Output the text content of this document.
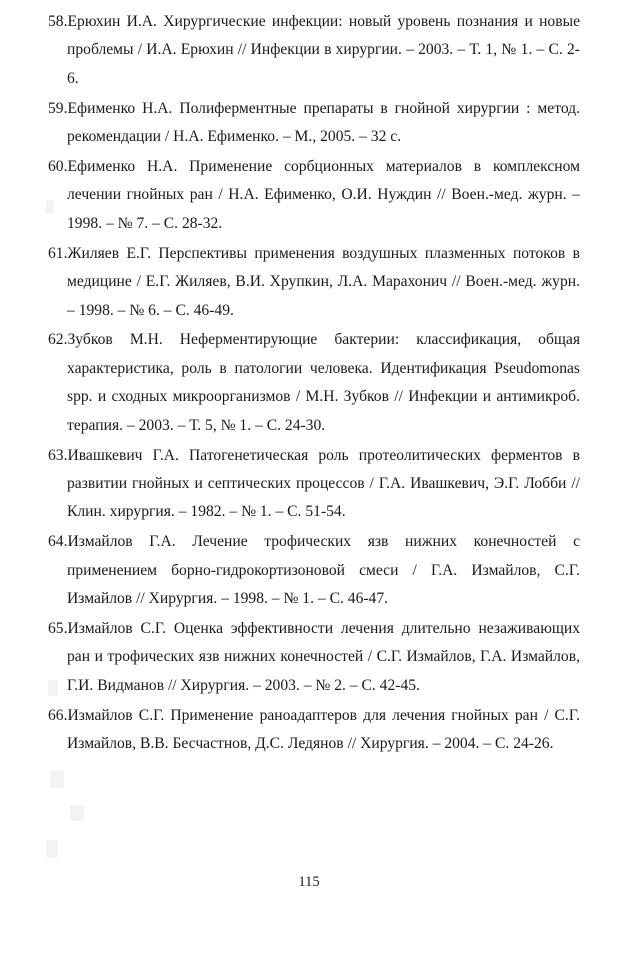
58.Ерюхин И.А. Хирургические инфекции: новый уровень познания и новые проблемы / И.А. Ерюхин // Инфекции в хирургии. – 2003. – Т. 1, № 1. – С. 2-6.
59.Ефименко Н.А. Полиферментные препараты в гнойной хирургии : метод. рекомендации / Н.А. Ефименко. – М., 2005. – 32 с.
60.Ефименко Н.А. Применение сорбционных материалов в комплексном лечении гнойных ран / Н.А. Ефименко, О.И. Нуждин // Воен.-мед. журн. – 1998. – № 7. – С. 28-32.
61.Жиляев Е.Г. Перспективы применения воздушных плазменных потоков в медицине / Е.Г. Жиляев, В.И. Хрупкин, Л.А. Марахонич // Воен.-мед. журн. – 1998. – № 6. – С. 46-49.
62.Зубков М.Н. Неферментирующие бактерии: классификация, общая характеристика, роль в патологии человека. Идентификация Pseudomonas spp. и сходных микроорганизмов / М.Н. Зубков // Инфекции и антимикроб. терапия. – 2003. – Т. 5, № 1. – С. 24-30.
63.Ивашкевич Г.А. Патогенетическая роль протеолитических ферментов в развитии гнойных и септических процессов / Г.А. Ивашкевич, Э.Г. Лобби // Клин. хирургия. – 1982. – № 1. – С. 51-54.
64.Измайлов Г.А. Лечение трофических язв нижних конечностей с применением борно-гидрокортизоновой смеси / Г.А. Измайлов, С.Г. Измайлов // Хирургия. – 1998. – № 1. – С. 46-47.
65.Измайлов С.Г. Оценка эффективности лечения длительно незаживающих ран и трофических язв нижних конечностей / С.Г. Измайлов, Г.А. Измайлов, Г.И. Видманов // Хирургия. – 2003. – № 2. – С. 42-45.
66.Измайлов С.Г. Применение раноадаптеров для лечения гнойных ран / С.Г. Измайлов, В.В. Бесчастнов, Д.С. Ледянов // Хирургия. – 2004. – С. 24-26.
115
